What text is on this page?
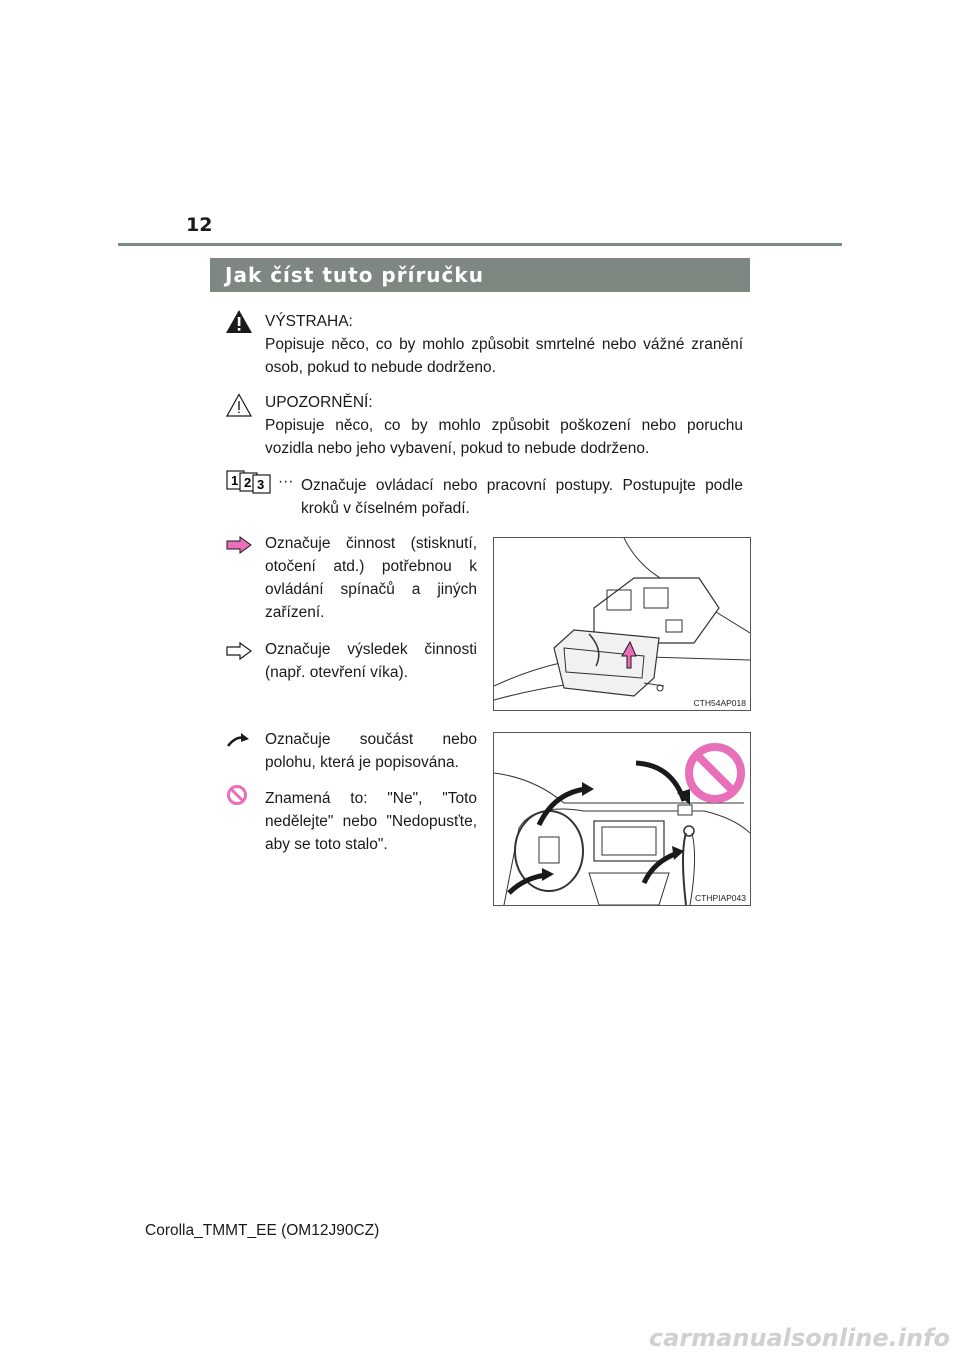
12
Jak číst tuto příručku

VÝSTRAHA:

Popisuje něco, co by mohlo způsobit smrtelné nebo vážné zranění osob, pokud to nebude dodrženo.

UPOZORNĚNÍ:

Popisuje něco, co by mohlo způsobit poškození nebo poruchu vozidla nebo jeho vybavení, pokud to nebude dodrženo.

1 2 3 ··· Označuje ovládací nebo pracovní postupy. Postupujte podle kroků v číselném pořadí.
Označuje činnost (stisknutí, otočení atd.) potřebnou k ovládání spínačů a jiných zařízení.
Označuje výsledek činnosti (např. otevření víka).
Označuje součást nebo polohu, která je popisována.
Znamená to: "Ne", "Toto nedělejte" nebo "Nedopusťte, aby se toto stalo".
CTH54AP018
CTHPIAP043
Corolla_TMMT_EE (OM12J90CZ)
carmanualsonline.info
